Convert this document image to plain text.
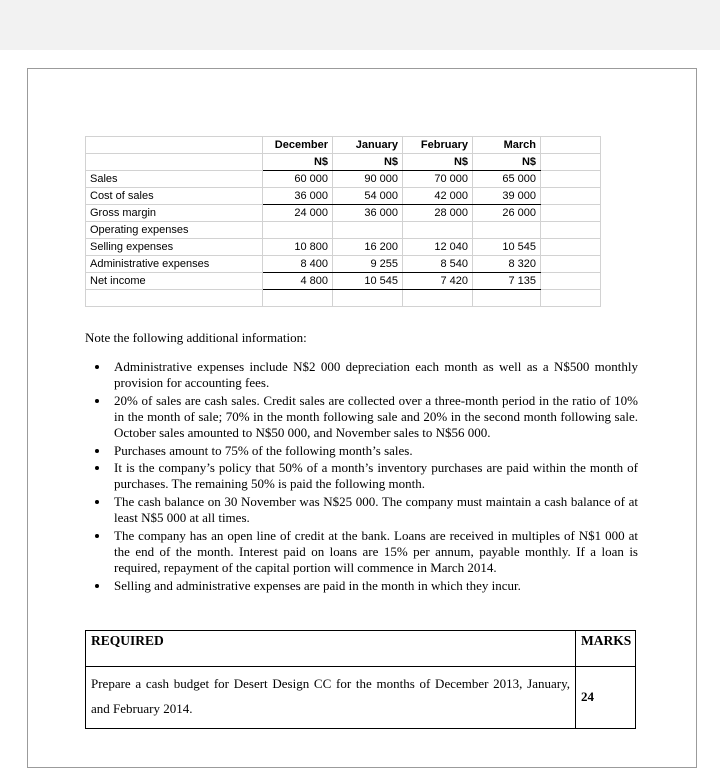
	December	January	February	March	
	N$	N$	N$	N$	
Sales	60 000	90 000	70 000	65 000	
Cost of sales	36 000	54 000	42 000	39 000	
Gross margin	24 000	36 000	28 000	26 000	
Operating expenses					
Selling expenses	10 800	16 200	12 040	10 545	
Administrative expenses	8 400	9 255	8 540	8 320	
Net income	4 800	10 545	7 420	7 135	

Note the following additional information:

• Administrative expenses include N$2 000 depreciation each month as well as a N$500 monthly provision for accounting fees.
• 20% of sales are cash sales. Credit sales are collected over a three-month period in the ratio of 10% in the month of sale; 70% in the month following sale and 20% in the second month following sale. October sales amounted to N$50 000, and November sales to N$56 000.
• Purchases amount to 75% of the following month’s sales.
• It is the company’s policy that 50% of a month’s inventory purchases are paid within the month of purchases. The remaining 50% is paid the following month.
• The cash balance on 30 November was N$25 000. The company must maintain a cash balance of at least N$5 000 at all times.
• The company has an open line of credit at the bank. Loans are received in multiples of N$1 000 at the end of the month. Interest paid on loans are 15% per annum, payable monthly. If a loan is required, repayment of the capital portion will commence in March 2014.
• Selling and administrative expenses are paid in the month in which they incur.
REQUIRED	MARKS
Prepare a cash budget for Desert Design CC for the months of December 2013, January, and February 2014.	24
